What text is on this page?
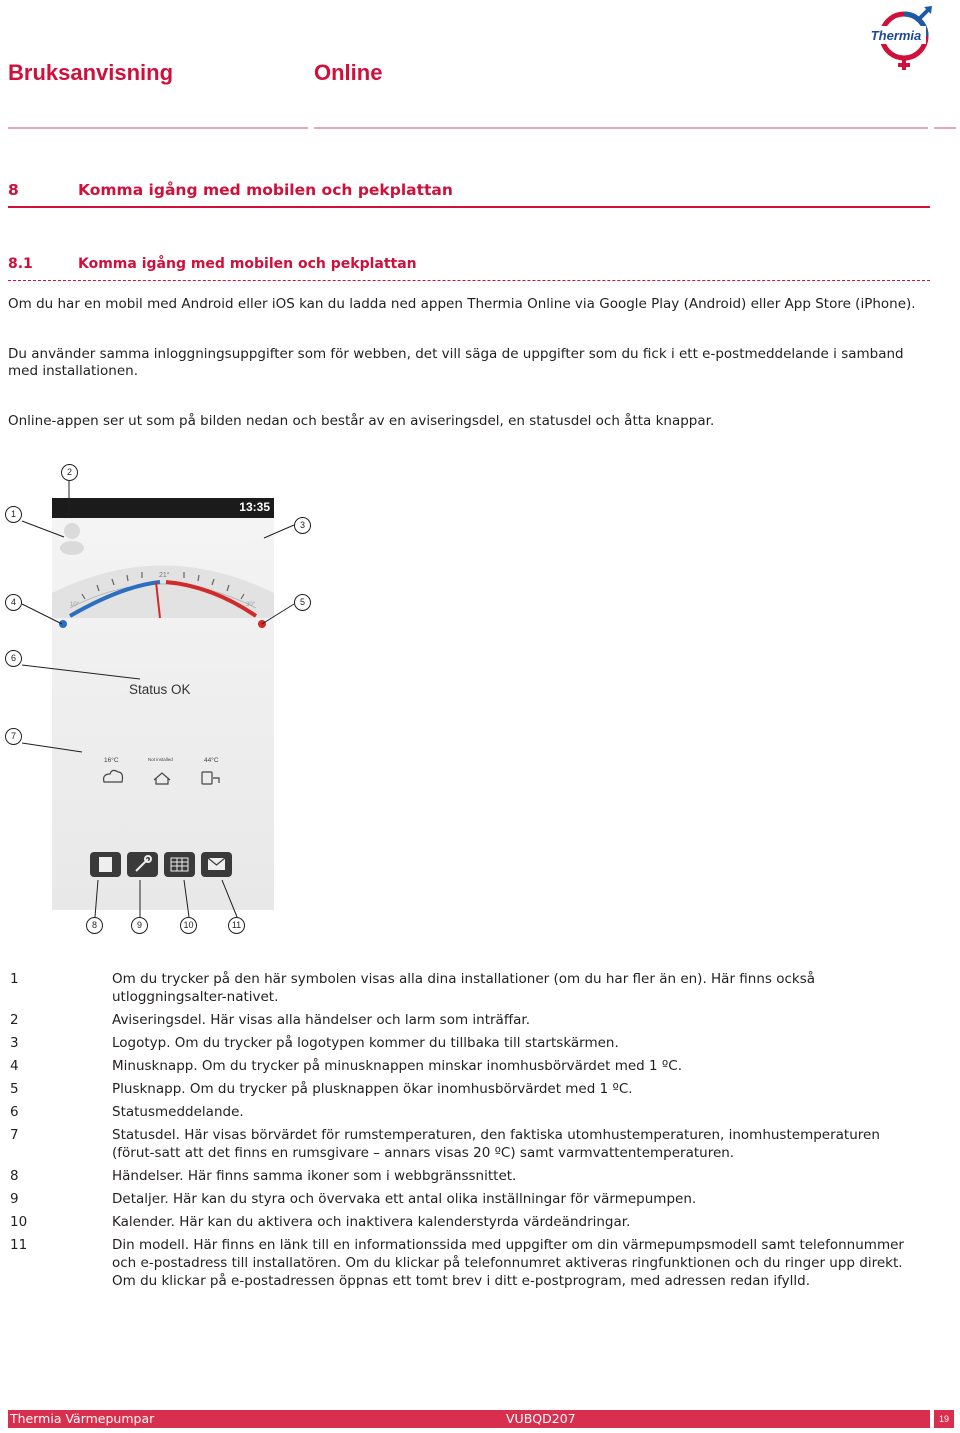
Bruksanvisning	Online
Thermia
8	Komma igång med mobilen och pekplattan
8.1	Komma igång med mobilen och pekplattan
Om du har en mobil med Android eller iOS kan du ladda ned appen Thermia Online via Google Play (Android) eller App Store (iPhone).
Du använder samma inloggningsuppgifter som för webben, det vill säga de uppgifter som du fick i ett e-postmeddelande i samband med installationen.
Online-appen ser ut som på bilden nedan och består av en aviseringsdel, en statusdel och åtta knappar.
13:35
21°
10°	30°
Status OK
16°C	Not installed	44°C
2
1
3
4	5
6
7
8	9	10	11
1	Om du trycker på den här symbolen visas alla dina installationer (om du har fler än en). Här finns också utloggningsalter-nativet.
2	Aviseringsdel. Här visas alla händelser och larm som inträffar.
3	Logotyp. Om du trycker på logotypen kommer du tillbaka till startskärmen.
4	Minusknapp. Om du trycker på minusknappen minskar inomhusbörvärdet med 1 ºC.
5	Plusknapp. Om du trycker på plusknappen ökar inomhusbörvärdet med 1 ºC.
6	Statusmeddelande.
7	Statusdel. Här visas börvärdet för rumstemperaturen, den faktiska utomhustemperaturen, inomhustemperaturen (förut-satt att det finns en rumsgivare – annars visas 20 ºC) samt varmvattentemperaturen.
8	Händelser. Här finns samma ikoner som i webbgränssnittet.
9	Detaljer. Här kan du styra och övervaka ett antal olika inställningar för värmepumpen.
10	Kalender. Här kan du aktivera och inaktivera kalenderstyrda värdeändringar.
11	Din modell. Här finns en länk till en informationssida med uppgifter om din värmepumpsmodell samt telefonnummer och e-postadress till installatören. Om du klickar på telefonnumret aktiveras ringfunktionen och du ringer upp direkt. Om du klickar på e-postadressen öppnas ett tomt brev i ditt e-postprogram, med adressen redan ifylld.
Thermia Värmepumpar	VUBQD207	19
